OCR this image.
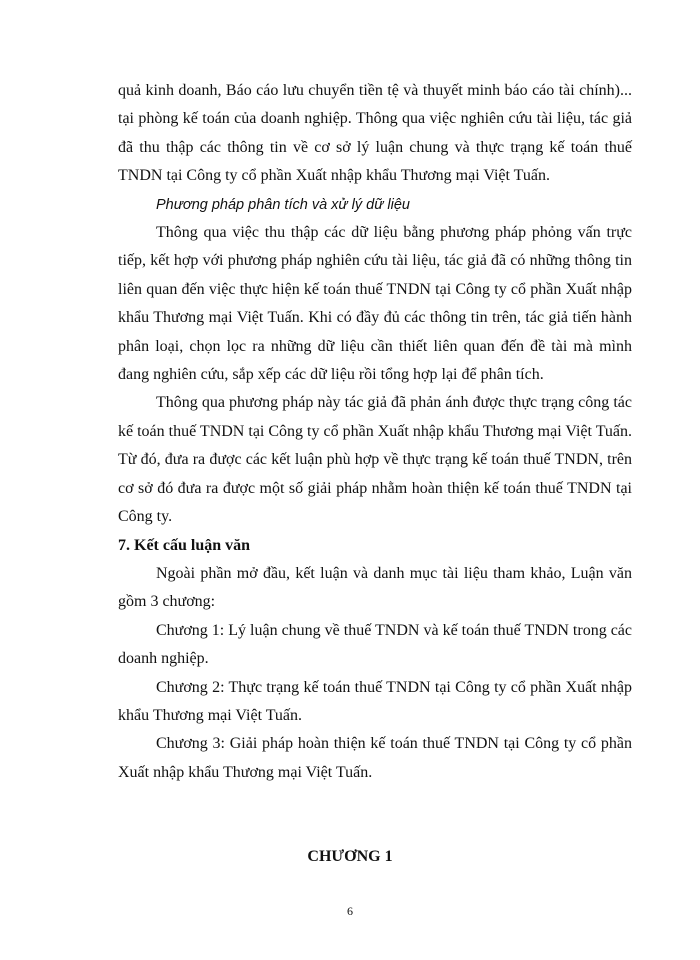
quả kinh doanh, Báo cáo lưu chuyển tiền tệ và thuyết minh báo cáo tài chính)... tại phòng kế toán của doanh nghiệp. Thông qua việc nghiên cứu tài liệu, tác giả đã thu thập các thông tin về cơ sở lý luận chung và thực trạng kế toán thuế TNDN tại Công ty cổ phần Xuất nhập khẩu Thương mại Việt Tuấn.

Phương pháp phân tích và xử lý dữ liệu

Thông qua việc thu thập các dữ liệu bằng phương pháp phỏng vấn trực tiếp, kết hợp với phương pháp nghiên cứu tài liệu, tác giả đã có những thông tin liên quan đến việc thực hiện kế toán thuế TNDN tại Công ty cổ phần Xuất nhập khẩu Thương mại Việt Tuấn. Khi có đầy đủ các thông tin trên, tác giả tiến hành phân loại, chọn lọc ra những dữ liệu cần thiết liên quan đến đề tài mà mình đang nghiên cứu, sắp xếp các dữ liệu rồi tổng hợp lại để phân tích.

Thông qua phương pháp này tác giả đã phản ánh được thực trạng công tác kế toán thuế TNDN tại Công ty cổ phần Xuất nhập khẩu Thương mại Việt Tuấn. Từ đó, đưa ra được các kết luận phù hợp về thực trạng kế toán thuế TNDN, trên cơ sở đó đưa ra được một số giải pháp nhằm hoàn thiện kế toán thuế TNDN tại Công ty.

7. Kết cấu luận văn

Ngoài phần mở đầu, kết luận và danh mục tài liệu tham khảo, Luận văn gồm 3 chương:

Chương 1: Lý luận chung về thuế TNDN và kế toán thuế TNDN trong các doanh nghiệp.

Chương 2: Thực trạng kế toán thuế TNDN tại Công ty cổ phần Xuất nhập khẩu Thương mại Việt Tuấn.

Chương 3: Giải pháp hoàn thiện kế toán thuế TNDN tại Công ty cổ phần Xuất nhập khẩu Thương mại Việt Tuấn.

CHƯƠNG 1
6
